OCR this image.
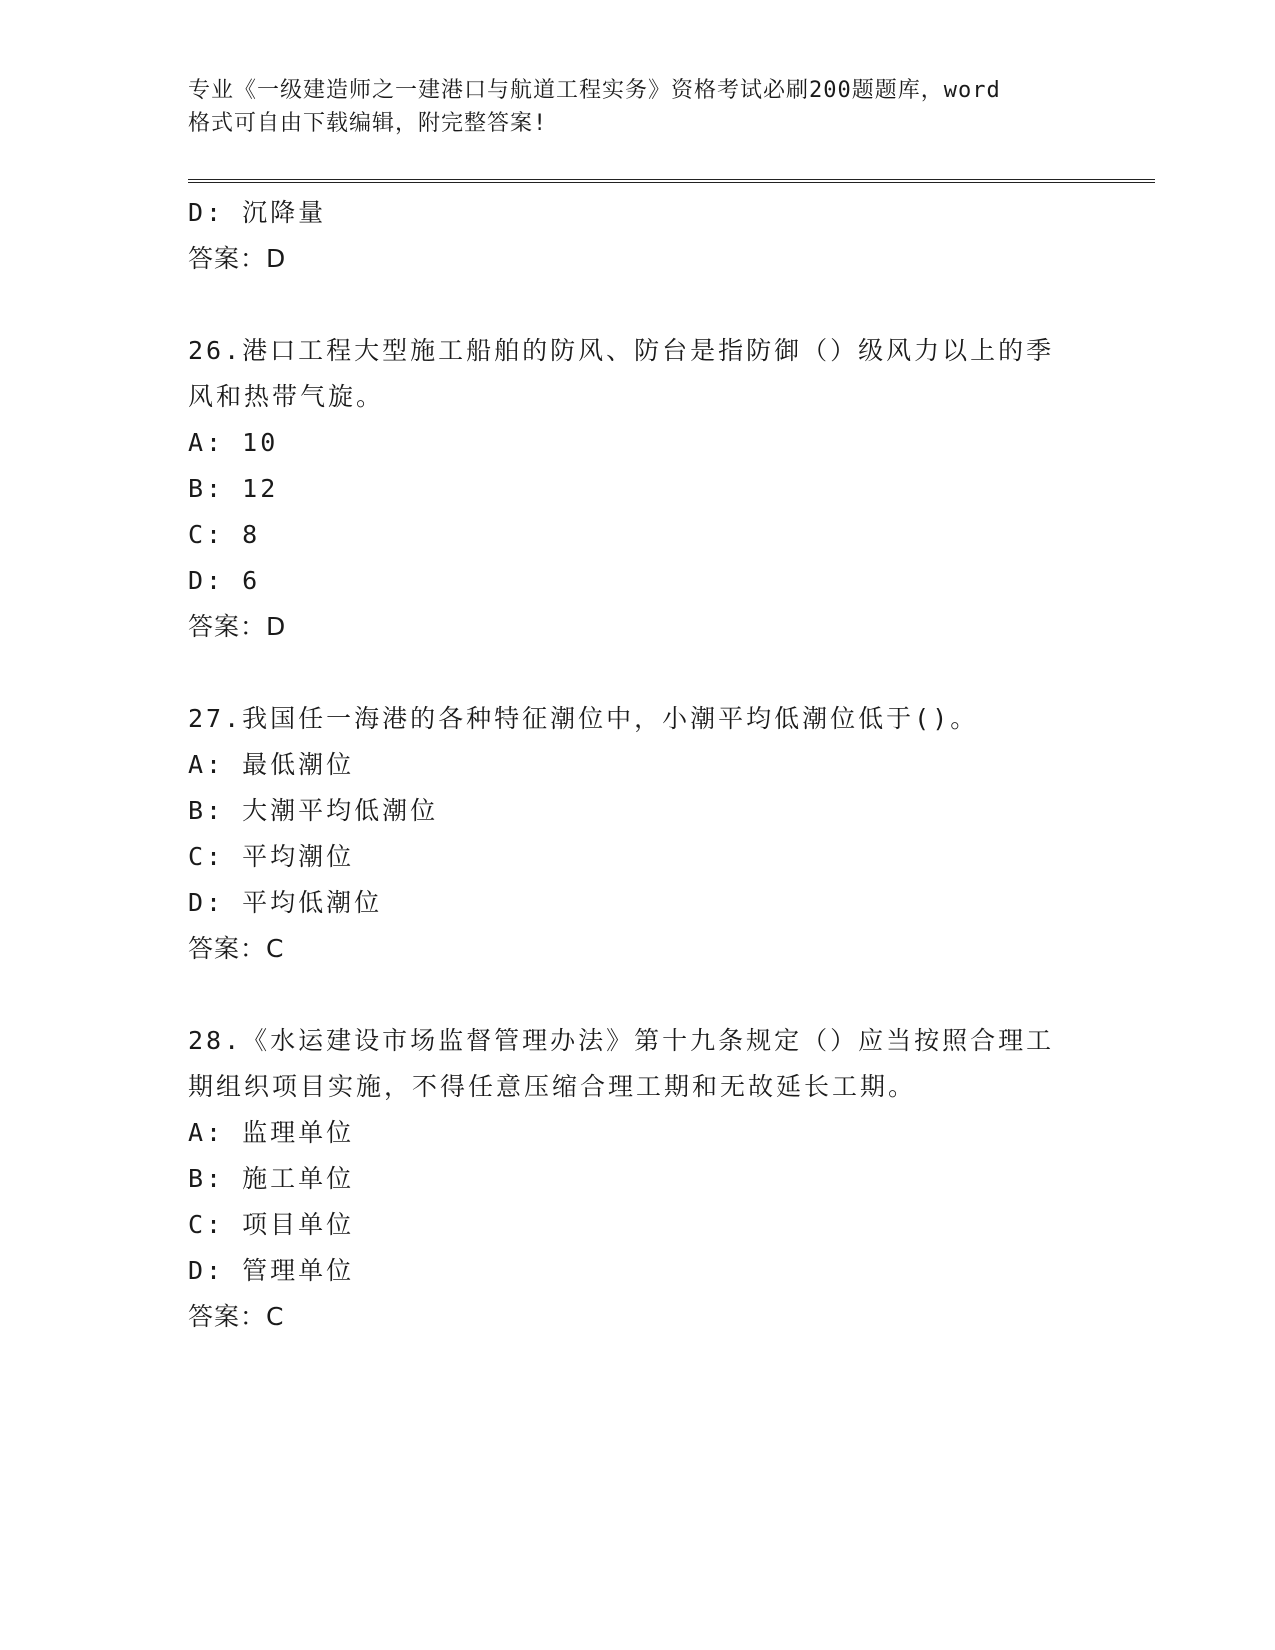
专业《一级建造师之一建港口与航道工程实务》资格考试必刷200题题库，word
格式可自由下载编辑，附完整答案!
D: 沉降量
答案：D
26.港口工程大型施工船舶的防风、防台是指防御（）级风力以上的季
风和热带气旋。
A: 10
B: 12
C: 8
D: 6
答案：D
27.我国任一海港的各种特征潮位中，小潮平均低潮位低于()。
A: 最低潮位
B: 大潮平均低潮位
C: 平均潮位
D: 平均低潮位
答案：C
28.《水运建设市场监督管理办法》第十九条规定（）应当按照合理工
期组织项目实施，不得任意压缩合理工期和无故延长工期。
A: 监理单位
B: 施工单位
C: 项目单位
D: 管理单位
答案：C
